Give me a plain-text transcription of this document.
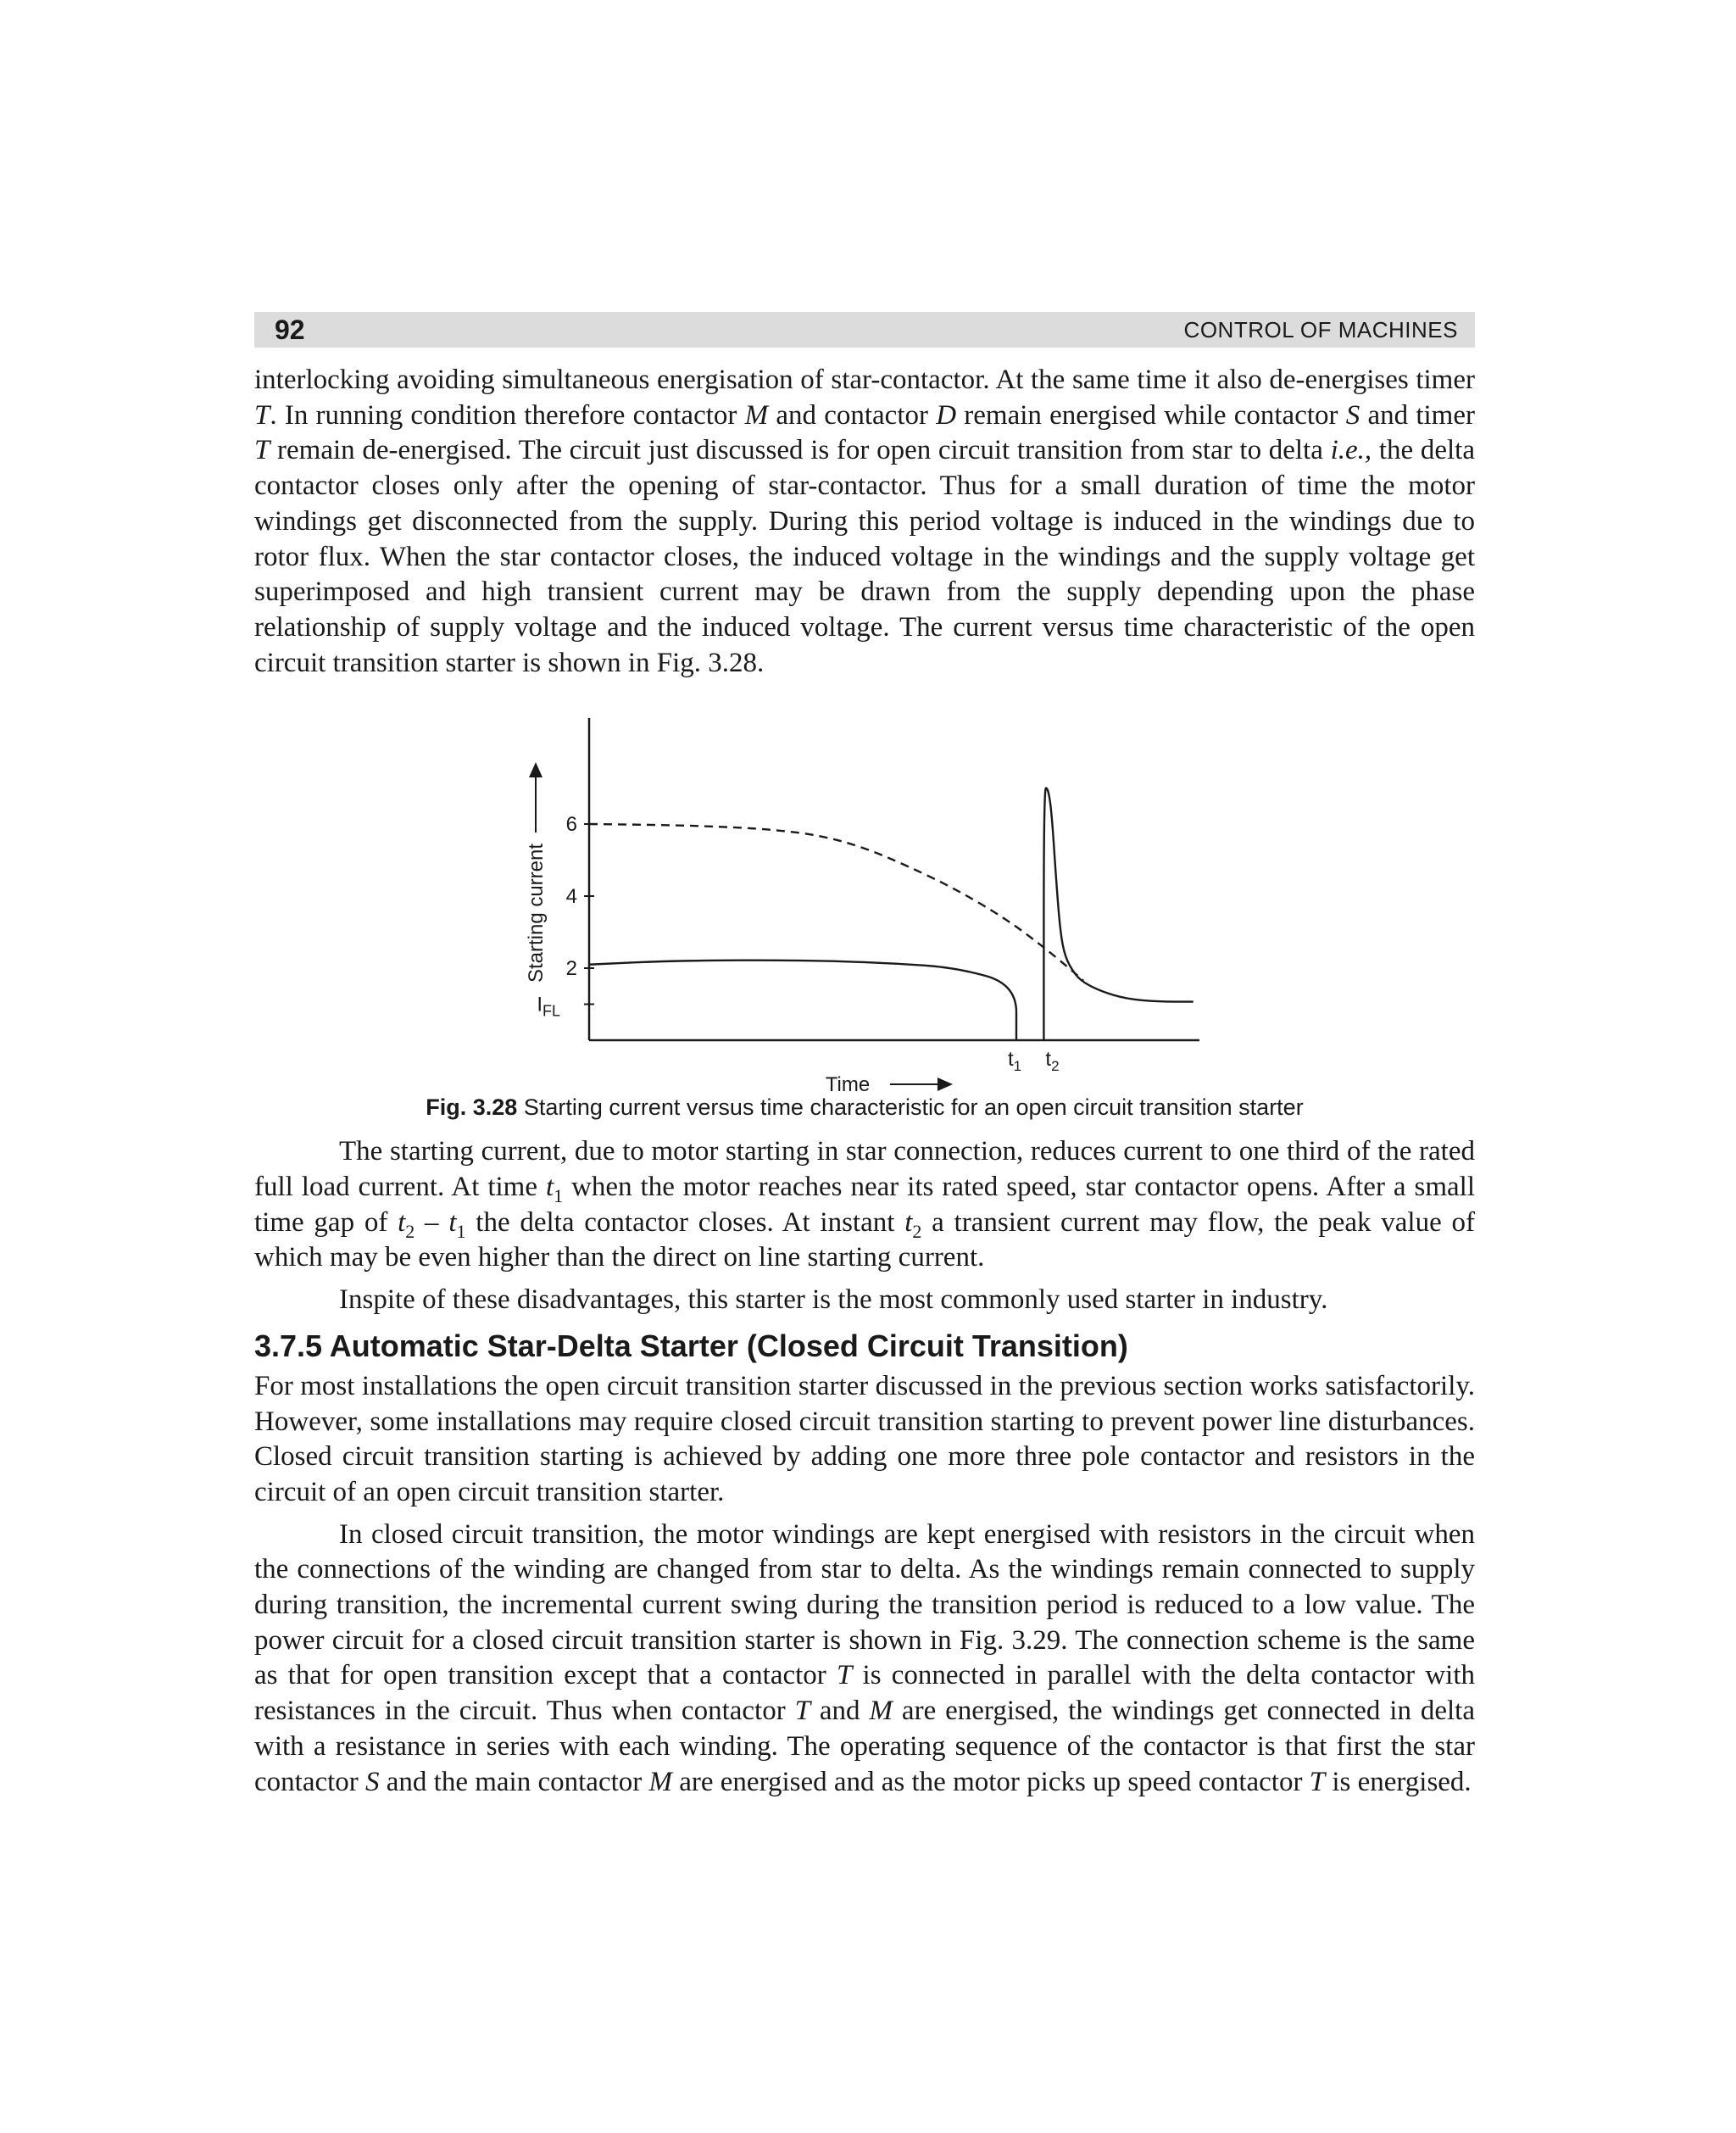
92	CONTROL OF MACHINES

interlocking avoiding simultaneous energisation of star-contactor. At the same time it also de-energises timer T. In running condition therefore contactor M and contactor D remain energised while contactor S and timer T remain de-energised. The circuit just discussed is for open circuit transition from star to delta i.e., the delta contactor closes only after the opening of star-contactor. Thus for a small duration of time the motor windings get disconnected from the supply. During this period voltage is induced in the windings due to rotor flux. When the star contactor closes, the induced voltage in the windings and the supply voltage get superimposed and high transient current may be drawn from the supply depending upon the phase relationship of supply voltage and the induced voltage. The current versus time characteristic of the open circuit transition starter is shown in Fig. 3.28.

$I_{FL}$
2
4
6
Starting current
Time
$t_1$ $t_2$
Fig. 3.28 Starting current versus time characteristic for an open circuit transition starter

The starting current, due to motor starting in star connection, reduces current to one third of the rated full load current. At time $t_1$ when the motor reaches near its rated speed, star contactor opens. After a small time gap of $t_2 - t_1$ the delta contactor closes. At instant $t_2$ a transient current may flow, the peak value of which may be even higher than the direct on line starting current.

Inspite of these disadvantages, this starter is the most commonly used starter in industry.

3.7.5 Automatic Star-Delta Starter (Closed Circuit Transition)

For most installations the open circuit transition starter discussed in the previous section works satisfactorily. However, some installations may require closed circuit transition starting to prevent power line disturbances. Closed circuit transition starting is achieved by adding one more three pole contactor and resistors in the circuit of an open circuit transition starter.

In closed circuit transition, the motor windings are kept energised with resistors in the circuit when the connections of the winding are changed from star to delta. As the windings remain connected to supply during transition, the incremental current swing during the transition period is reduced to a low value. The power circuit for a closed circuit transition starter is shown in Fig. 3.29. The connection scheme is the same as that for open transition except that a contactor T is connected in parallel with the delta contactor with resistances in the circuit. Thus when contactor T and M are energised, the windings get connected in delta with a resistance in series with each winding. The operating sequence of the contactor is that first the star contactor S and the main contactor M are energised and as the motor picks up speed contactor T is energised.
